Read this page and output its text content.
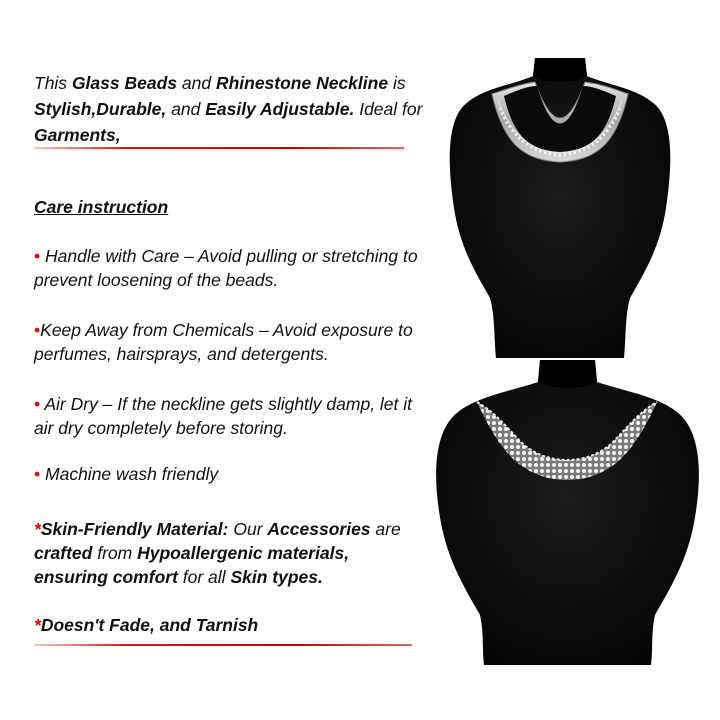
This Glass Beads and Rhinestone Neckline is Stylish,Durable, and Easily Adjustable. Ideal for Garments,
Care instruction
• Handle with Care – Avoid pulling or stretching to prevent loosening of the beads.
•Keep Away from Chemicals – Avoid exposure to perfumes, hairsprays, and detergents.
• Air Dry – If the neckline gets slightly damp, let it air dry completely before storing.
• Machine wash friendly
*Skin-Friendly Material: Our Accessories are crafted from Hypoallergenic materials, ensuring comfort for all Skin types.
*Doesn't Fade, and Tarnish
